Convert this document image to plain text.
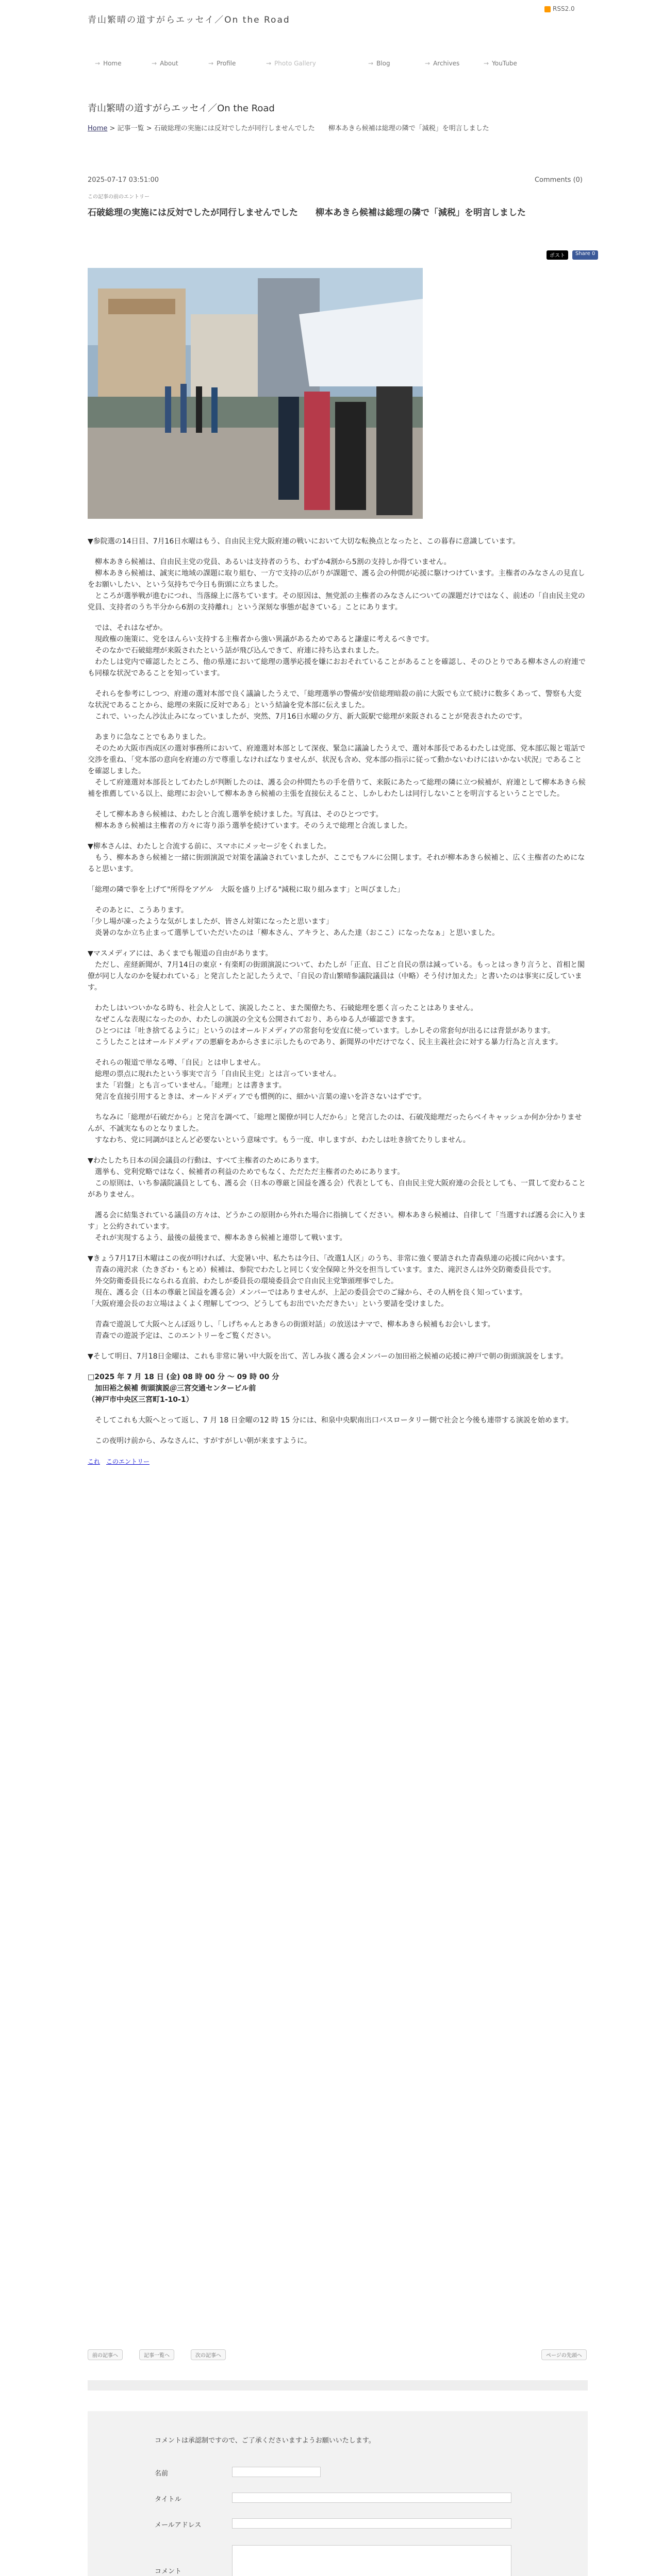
青山繁晴の道すがらエッセイ／On the Road
RSS2.0
→ Home	→ About	→ Profile	→ Photo Gallery	→ Blog	→ Archives	→ YouTube
青山繁晴の道すがらエッセイ／On the Road
Home > 記事一覧 > 石破総理の実施には反対でしたが同行しませんでした　　柳本あきら候補は総理の隣で「減税」を明言しました
2025-07-17 03:51:00	Comments (0)
この記事の前のエントリー
石破総理の実施には反対でしたが同行しませんでした　　柳本あきら候補は総理の隣で「減税」を明言しました
ポスト	Share 0

▼参院選の14日目、7月16日水曜はもう、自由民主党大阪府連の戦いにおいて大切な転換点となったと、この暮春に意識しています。

　柳本あきら候補は、自由民主党の党員、あるいは支持者のうち、わずか4割から5割の支持しか得ていません。
　柳本あきら候補は、誠実に地域の課題に取り組む、一方で支持の広がりが課題で、護る会の仲間が応援に駆けつけています。主権者のみなさんの見直しをお願いしたい、という気持ちで今日も街頭に立ちました。
　ところが選挙戦が進むにつれ、当落線上に落ちています。その原因は、無党派の主権者のみなさんについての課題だけではなく、前述の「自由民主党の党員、支持者のうち半分から6割の支持離れ」という深刻な事態が起きている」ことにあります。

　では、それはなぜか。
　現政権の施策に、党をほんらい支持する主権者から強い異議があるためであると謙虚に考えるべきです。
　そのなかで石破総理が来阪されたという話が飛び込んできて、府連に持ち込まれました。
　わたしは党内で確認したところ、他の県連において総理の選挙応援を嫌におおそれていることがあることを確認し、そのひとりである柳本さんの府連でも同様な状況であることを知っています。

　それらを参考にしつつ、府連の選対本部で良く議論したうえで、「総理選挙の警備が安倍総理暗殺の前に大阪でも立て続けに数多くあって、警察も大変な状況であることから、総理の来阪に反対である」という結論を党本部に伝えました。
　これで、いったん沙汰止みになっていましたが、突然、7月16日水曜の夕方、新大阪駅で総理が来阪されることが発表されたのです。

　あまりに急なことでもありました。
　そのため大阪市西成区の選対事務所において、府連選対本部として深夜、緊急に議論したうえで、選対本部長であるわたしは党部、党本部広報と電話で交渉を重ね、「党本部の意向を府連の方で尊重しなければなりませんが、状況も含め、党本部の指示に従って動かないわけにはいかない状況」であることを確認しました。
　そして府連選対本部長としてわたしが判断したのは、護る会の仲間たちの手を借りて、来阪にあたって総理の隣に立つ候補が、府連として柳本あきら候補を推薦している以上、総理にお会いして柳本あきら候補の主張を直接伝えること、しかしわたしは同行しないことを明言するということでした。

　そして柳本あきら候補は、わたしと合流し選挙を続けました。写真は、そのひとつです。
　柳本あきら候補は主権者の方々に寄り添う選挙を続けています。そのうえで総理と合流しました。

▼柳本さんは、わたしと合流する前に、スマホにメッセージをくれました。
　もう、柳本あきら候補と一緒に街頭演説で対策を議論されていましたが、ここでもフルに公開します。それが柳本あきら候補と、広く主権者のためになると思います。

「総理の隣で拳を上げて"所得をアゲル　大阪を盛り上げる"減税に取り組みます」と叫びました」

　そのあとに、こうあります。
「少し場が凍ったような気がしましたが、皆さん対策になったと思います」
　炎暑のなか立ち止まって選挙していただいたのは「柳本さん、アキラと、あんた達（おここ）になったなぁ」と思いました。

▼マスメディアには、あくまでも報道の自由があります。
　ただし、産経新聞が、7月14日の東京・有楽町の街頭演説について、わたしが「正直、日ごと自民の票は減っている。もっとはっきり言うと、首相と閣僚が同じ人なのかを疑われている」と発言したと記したうえで、「自民の青山繁晴参議院議員は（中略）そう付け加えた」と書いたのは事実に反しています。

　わたしはいついかなる時も、社会人として、演説したこと、また閣僚たち、石破総理を悪く言ったことはありません。
　なぜこんな表現になったのか、わたしの演説の全文も公開されており、あらゆる人が確認できます。
　ひとつには「吐き捨てるように」というのはオールドメディアの常套句を安直に使っています。しかしその常套句が出るには背景があります。
　こうしたことはオールドメディアの悪癖をあからさまに示したものであり、新聞界の中だけでなく、民主主義社会に対する暴力行為と言えます。

　それらの報道で単なる噂、「自民」とは申しません。
　総理の票点に現れたという事実で言う「自由民主党」とは言っていません。
　また「岩盤」とも言っていません。「総理」とは書きます。
　発言を直接引用するときは、オールドメディアでも慣例的に、細かい言葉の違いを許さないはずです。

　ちなみに「総理が石破だから」と発言を調べて、「総理と閣僚が同じ人だから」と発言したのは、石破茂総理だったらベイキャッシュか何か分かりませんが、不誠実なものとなりました。
　すなわち、党に同調がほとんど必要ないという意味です。もう一度、申しますが、わたしは吐き捨てたりしません。

▼わたしたち日本の国会議員の行動は、すべて主権者のためにあります。
　選挙も、党利党略ではなく、候補者の利益のためでもなく、ただただ主権者のためにあります。
　この原則は、いち参議院議員としても、護る会（日本の尊厳と国益を護る会）代表としても、自由民主党大阪府連の会長としても、一貫して変わることがありません。

　護る会に結集されている議員の方々は、どうかこの原則から外れた場合に指摘してください。柳本あきら候補は、自律して「当選すれば護る会に入ります」と公約されています。
　それが実現するよう、最後の最後まで、柳本あきら候補と連帯して戦います。

▼きょう7月17日木曜はこの夜が明ければ、大変暑い中、私たちは今日、「改選1人区」のうち、非常に強く要請された青森県連の応援に向かいます。
　青森の滝沢求（たきざわ・もとめ）候補は、参院でわたしと同じく安全保障と外交を担当しています。また、滝沢さんは外交防衛委員長です。
　外交防衛委員長になられる直前、わたしが委員長の環境委員会で自由民主党筆頭理事でした。
　現在、護る会（日本の尊厳と国益を護る会）メンバーではありませんが、上記の委員会でのご縁から、その人柄を良く知っています。
「大阪府連会長のお立場はよくよく理解してつつ、どうしてもお出でいただきたい」という要請を受けました。

　青森で遊説して大阪へとんぼ返りし、「しげちゃんとあきらの街頭対話」の放送はナマで、柳本あきら候補もお会いします。
　青森での遊説予定は、このエントリーをご覧ください。

▼そして明日、7月18日金曜は、これも非常に暑い中大阪を出て、苦しみ抜く護る会メンバーの加田裕之候補の応援に神戸で朝の街頭演説をします。

□2025 年 7 月 18 日 (金) 08 時 00 分 ～ 09 時 00 分
　加田裕之候補 街頭演説＠三宮交通センタービル前
（神戸市中央区三宮町1-10-1）

　そしてこれも大阪へとって返し、7 月 18 日金曜の12 時 15 分には、和泉中央駅南出口バスロータリー側で社会と今後も連帯する演説を始めます。

　この夜明け前から、みなさんに、すがすがしい朝が来ますように。

これ　 このエントリー

前の記事へ	記事一覧へ	次の記事へ	ページの先頭へ
コメントは承認制ですので、ご了承くださいますようお願いいたします。
名前
タイトル
メールアドレス
コメント
